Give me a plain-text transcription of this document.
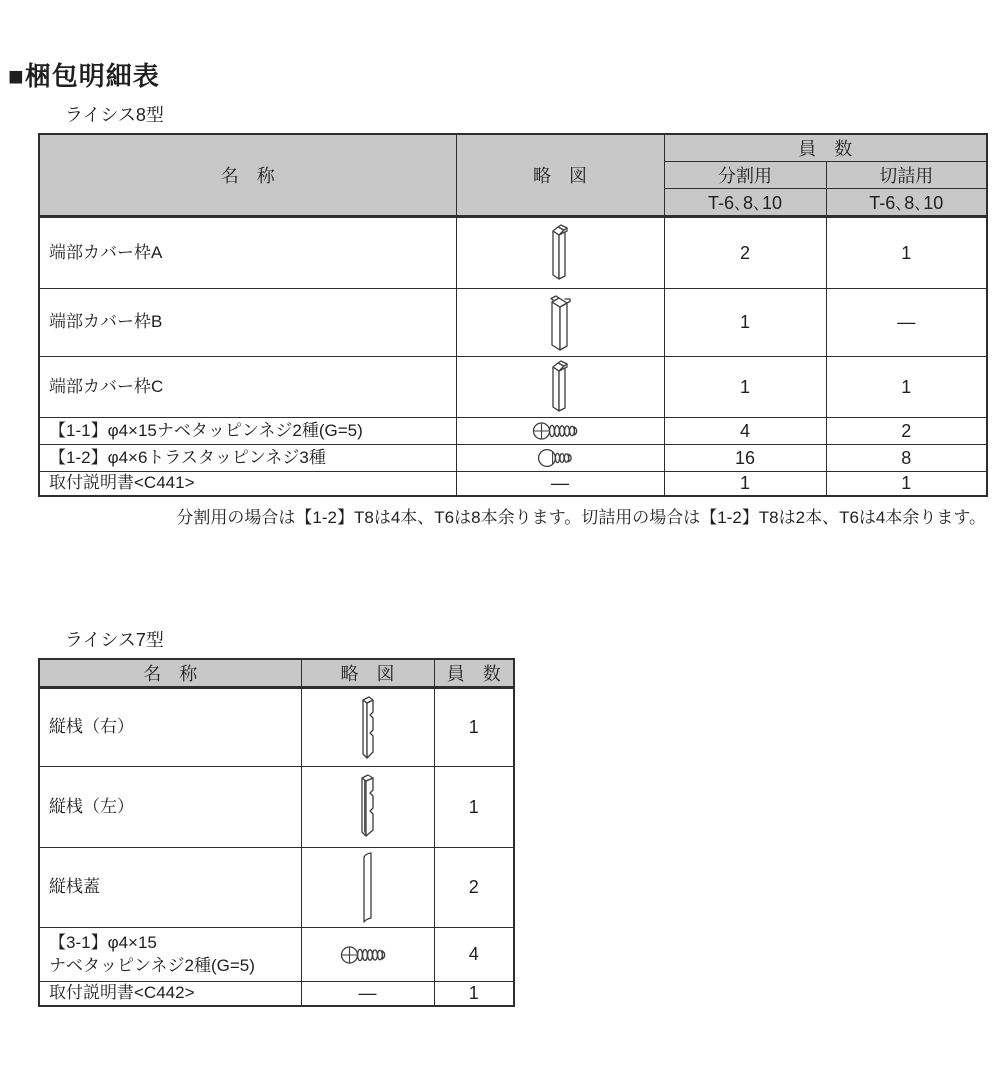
■梱包明細表
ライシス8型
名　称	略　図	員　数	
		分割用	切詰用
		T-6､8､10	T-6､8､10
端部カバー枠A		2	1
端部カバー枠B		1	—
端部カバー枠C		1	1
【1-1】φ4×15ナベタッピンネジ2種(G=5)		4	2
【1-2】φ4×6トラスタッピンネジ3種		16	8
取付説明書<C441>	—	1	1
分割用の場合は【1-2】T8は4本、T6は8本余ります。切詰用の場合は【1-2】T8は2本、T6は4本余ります。
ライシス7型
名　称	略　図	員　数
縦桟（右）		1
縦桟（左）		1
縦桟蓋		2

【3-1】φ4×15
ナベタッピンネジ2種(G=5)		4
取付説明書<C442>	—	1
